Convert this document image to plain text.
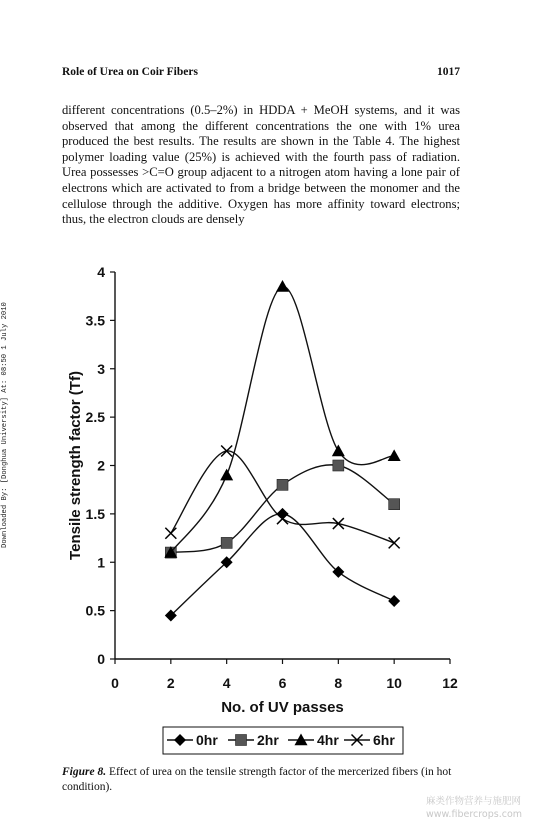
Role of Urea on Coir Fibers	1017

different concentrations (0.5–2%) in HDDA + MeOH systems, and it was observed that among the different concentrations the one with 1% urea produced the best results. The results are shown in the Table 4. The highest polymer loading value (25%) is achieved with the fourth pass of radiation. Urea possesses >C=O group adjacent to a nitrogen atom having a lone pair of electrons which are activated to from a bridge between the monomer and the cellulose through the additive. Oxygen has more affinity toward electrons; thus, the electron clouds are densely

Downloaded By: [Donghua University] At: 08:50 1 July 2010
0
0.5
1
1.5
2
2.5
3
3.5
4
0	2	4	6	8	10	12
No. of UV passes
Tensile strength factor (Tf)
0hr	2hr	4hr 6hr
Figure 8. Effect of urea on the tensile strength factor of the mercerized fibers (in hot condition).
麻类作物营养与施肥网
www.fibercrops.com
